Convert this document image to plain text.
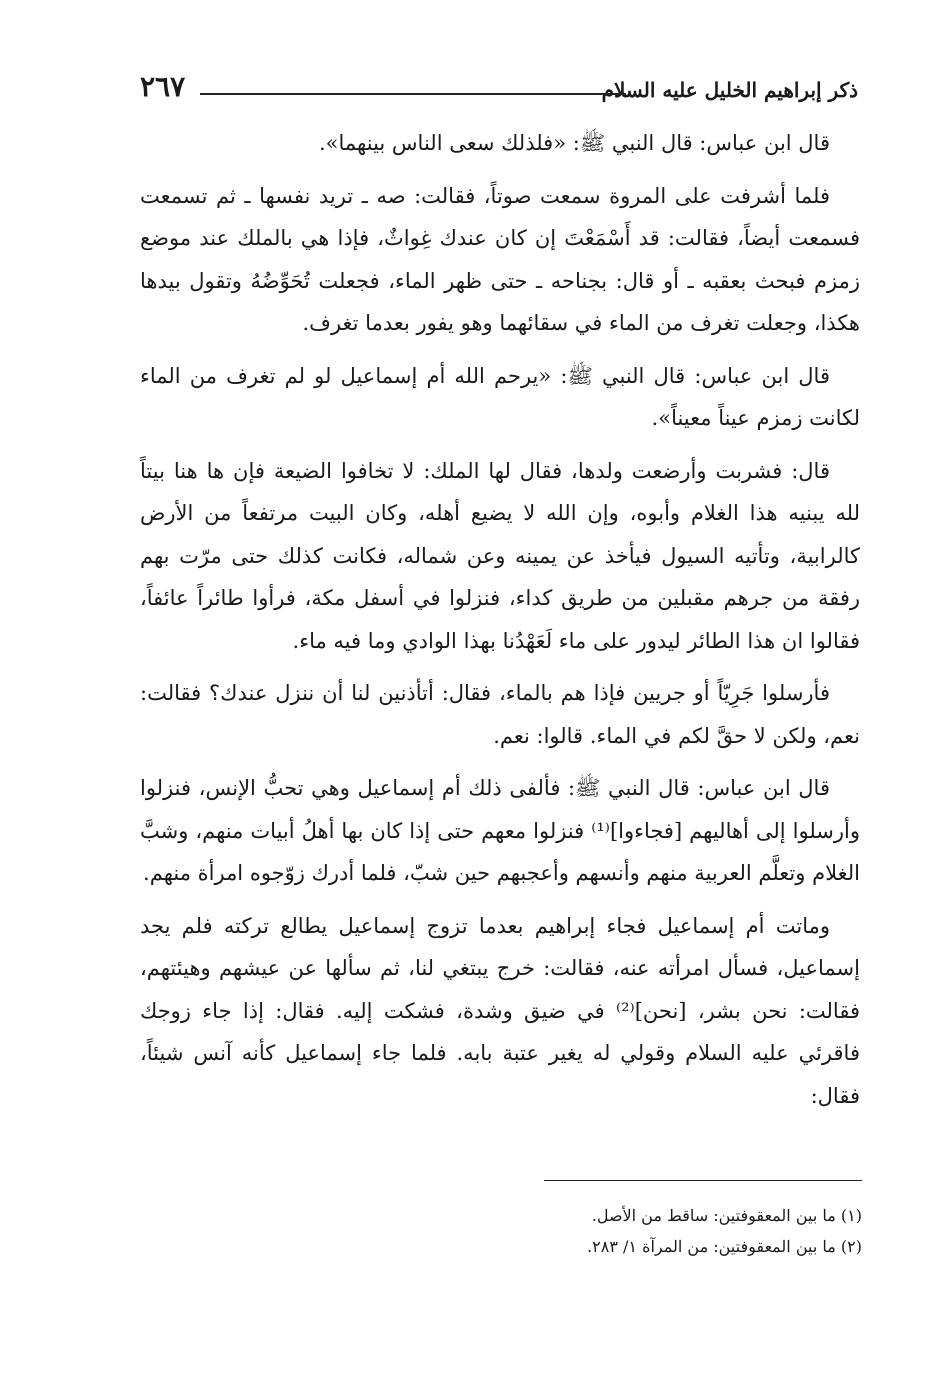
ذكر إبراهيم الخليل عليه السلام
٢٦٧

قال ابن عباس: قال النبي ﷺ: «فلذلك سعى الناس بينهما».

فلما أشرفت على المروة سمعت صوتاً، فقالت: صه ـ تريد نفسها ـ ثم تسمعت فسمعت أيضاً، فقالت: قد أَسْمَعْتَ إن كان عندك غِواثٌ، فإذا هي بالملك عند موضع زمزم فبحث بعقبه ـ أو قال: بجناحه ـ حتى ظهر الماء، فجعلت تُحَوِّضُهُ وتقول بيدها هكذا، وجعلت تغرف من الماء في سقائهما وهو يفور بعدما تغرف.

قال ابن عباس: قال النبي ﷺ: «يرحم الله أم إسماعيل لو لم تغرف من الماء لكانت زمزم عيناً معيناً».

قال: فشربت وأرضعت ولدها، فقال لها الملك: لا تخافوا الضيعة فإن ها هنا بيتاً لله يبنيه هذا الغلام وأبوه، وإن الله لا يضيع أهله، وكان البيت مرتفعاً من الأرض كالرابية، وتأتيه السيول فيأخذ عن يمينه وعن شماله، فكانت كذلك حتى مرّت بهم رفقة من جرهم مقبلين من طريق كداء، فنزلوا في أسفل مكة، فرأوا طائراً عائفاً، فقالوا ان هذا الطائر ليدور على ماء لَعَهْدُنا بهذا الوادي وما فيه ماء.

فأرسلوا جَرِيّاً أو جريين فإذا هم بالماء، فقال: أتأذنين لنا أن ننزل عندك؟ فقالت: نعم، ولكن لا حقَّ لكم في الماء. قالوا: نعم.

قال ابن عباس: قال النبي ﷺ: فألفى ذلك أم إسماعيل وهي تحبُّ الإنس، فنزلوا وأرسلوا إلى أهاليهم [فجاءوا]⁽¹⁾ فنزلوا معهم حتى إذا كان بها أهلُ أبيات منهم، وشبَّ الغلام وتعلَّم العربية منهم وأنسهم وأعجبهم حين شبّ، فلما أدرك زوّجوه امرأة منهم.

وماتت أم إسماعيل فجاء إبراهيم بعدما تزوج إسماعيل يطالع تركته فلم يجد إسماعيل، فسأل امرأته عنه، فقالت: خرج يبتغي لنا، ثم سألها عن عيشهم وهيئتهم، فقالت: نحن بشر، [نحن]⁽²⁾ في ضيق وشدة، فشكت إليه. فقال: إذا جاء زوجك فاقرئي عليه السلام وقولي له يغير عتبة بابه. فلما جاء إسماعيل كأنه آنس شيئاً، فقال:

(١) ما بين المعقوفتين: ساقط من الأصل.
(٢) ما بين المعقوفتين: من المرآة ١/ ٢٨٣.
